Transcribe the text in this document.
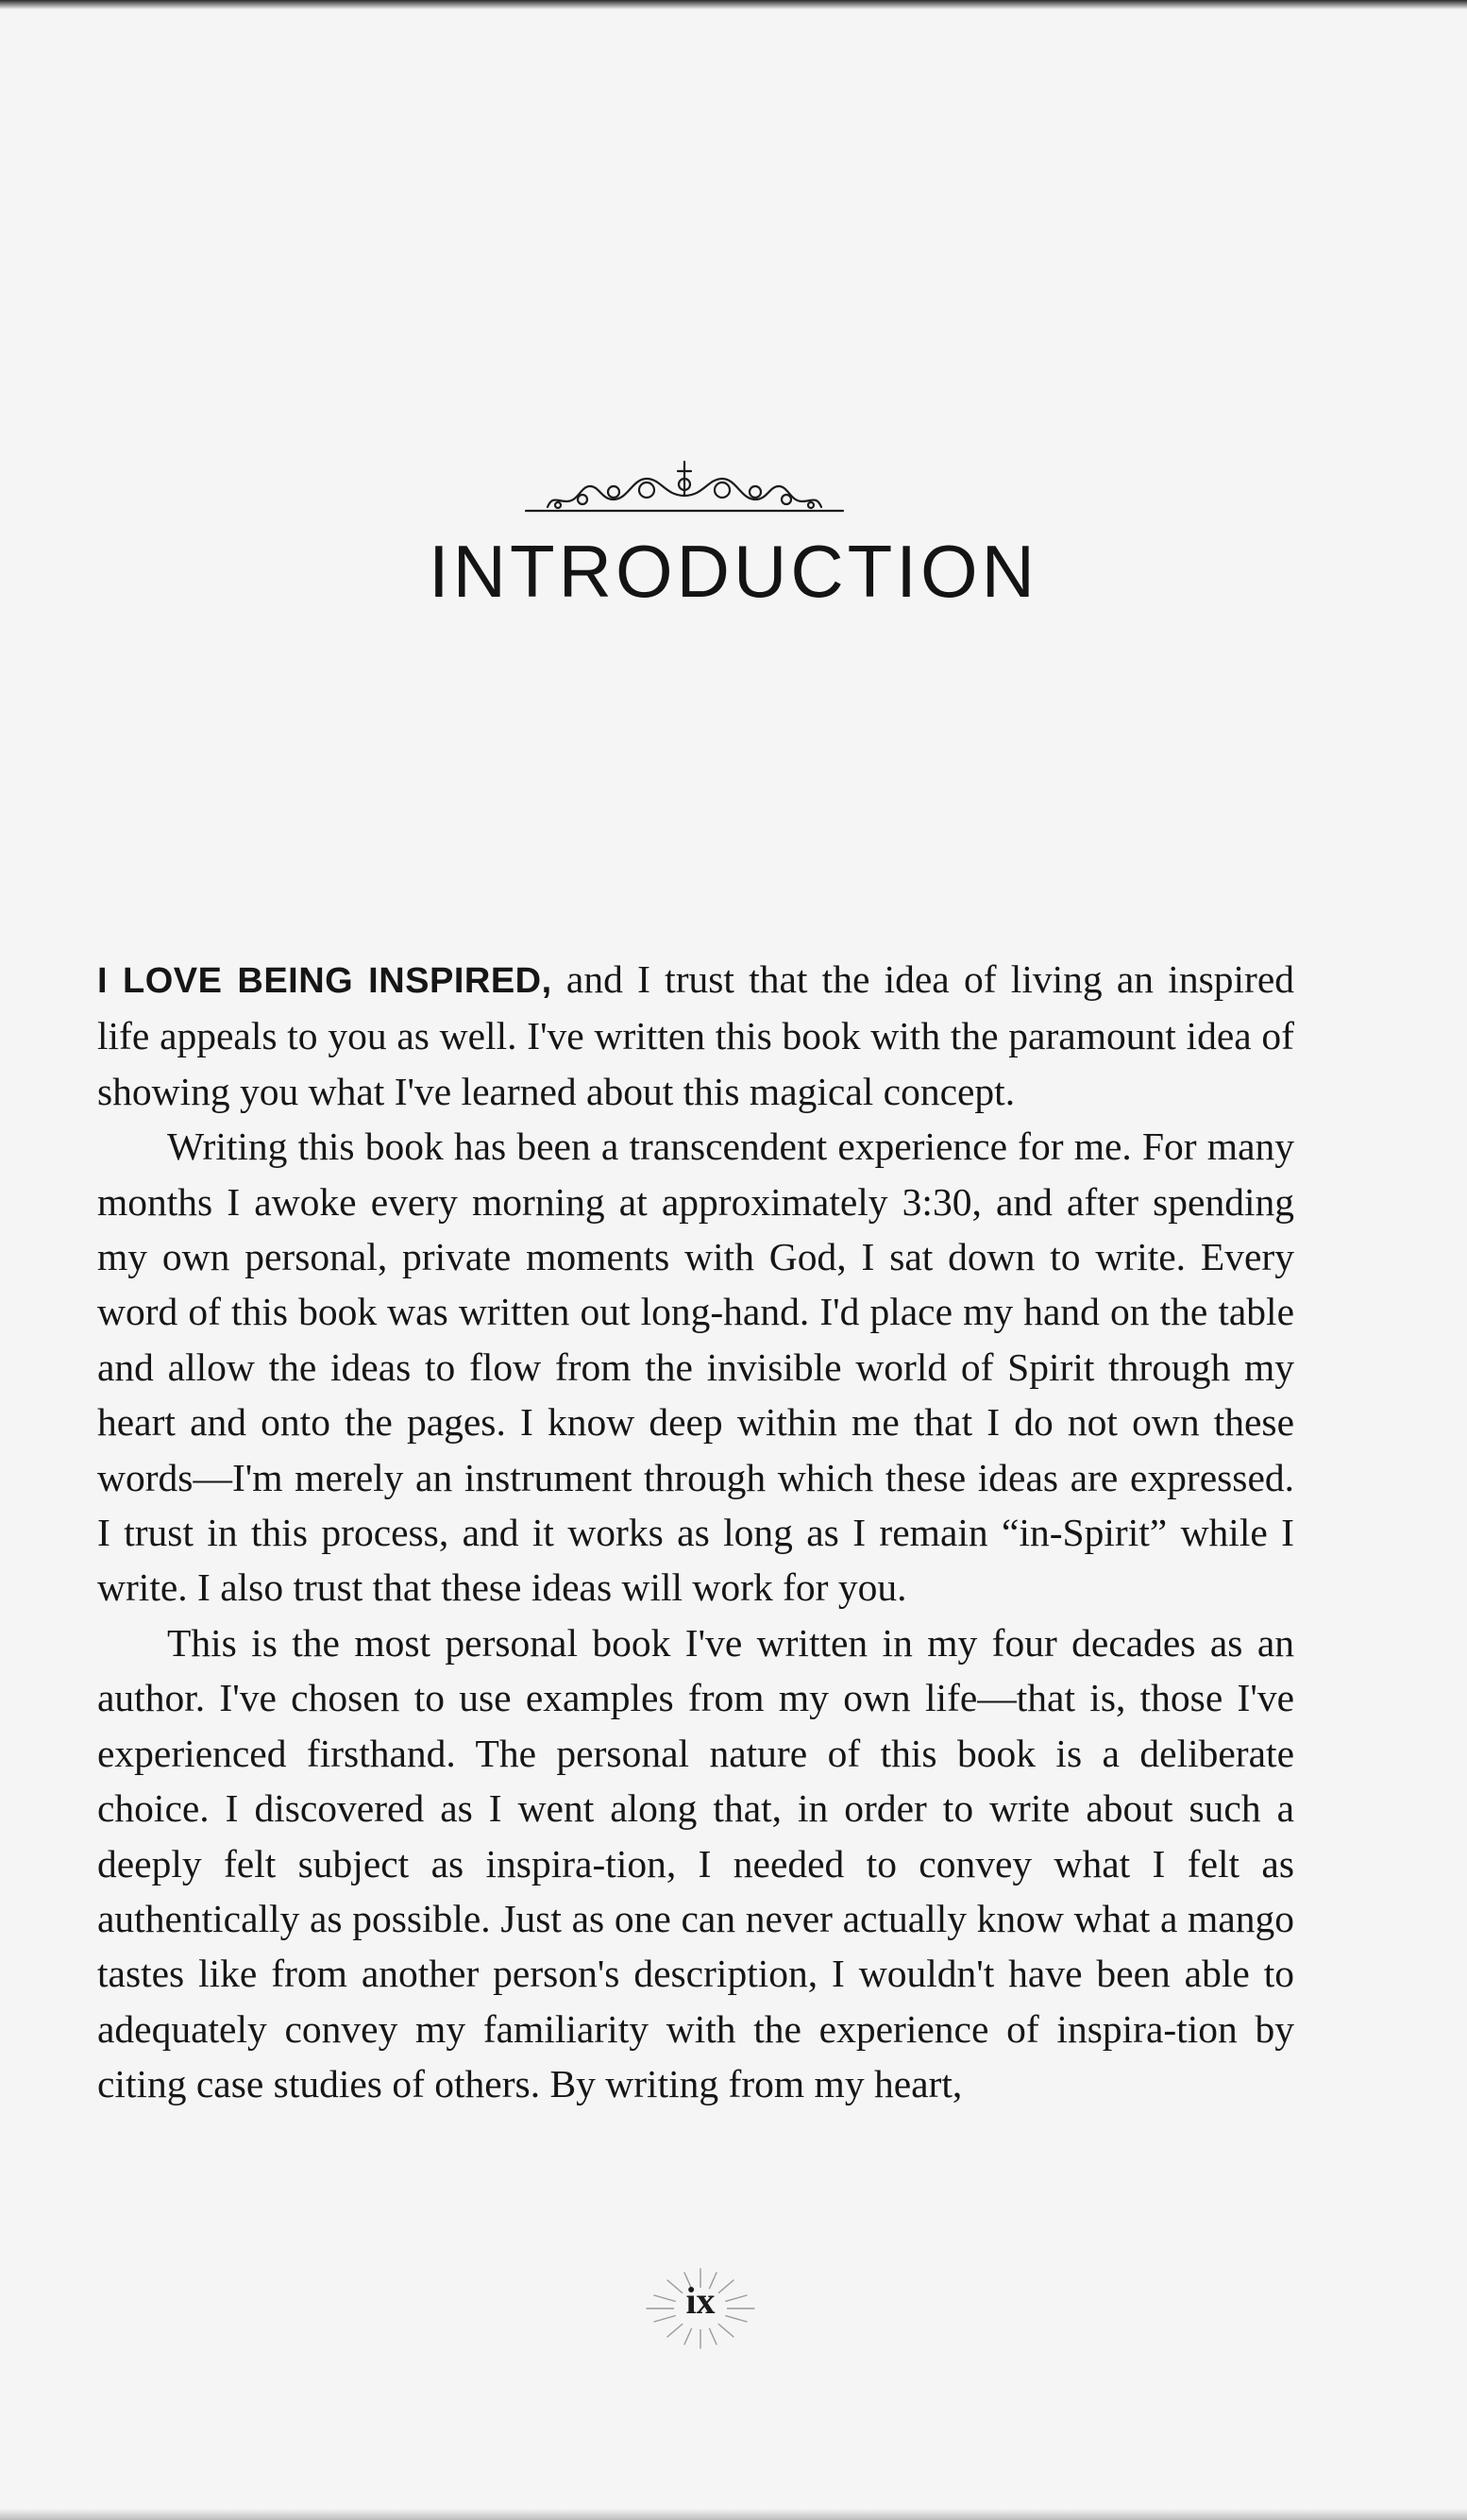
INTRODUCTION

I LOVE BEING INSPIRED, and I trust that the idea of living an inspired life appeals to you as well. I've written this book with the paramount idea of showing you what I've learned about this magical concept.

Writing this book has been a transcendent experience for me. For many months I awoke every morning at approximately 3:30, and after spending my own personal, private moments with God, I sat down to write. Every word of this book was written out long-hand. I'd place my hand on the table and allow the ideas to flow from the invisible world of Spirit through my heart and onto the pages. I know deep within me that I do not own these words—I'm merely an instrument through which these ideas are expressed. I trust in this process, and it works as long as I remain “in-Spirit” while I write. I also trust that these ideas will work for you.

This is the most personal book I've written in my four decades as an author. I've chosen to use examples from my own life—that is, those I've experienced firsthand. The personal nature of this book is a deliberate choice. I discovered as I went along that, in order to write about such a deeply felt subject as inspira-tion, I needed to convey what I felt as authentically as possible. Just as one can never actually know what a mango tastes like from another person's description, I wouldn't have been able to adequately convey my familiarity with the experience of inspira-tion by citing case studies of others. By writing from my heart,

ix
